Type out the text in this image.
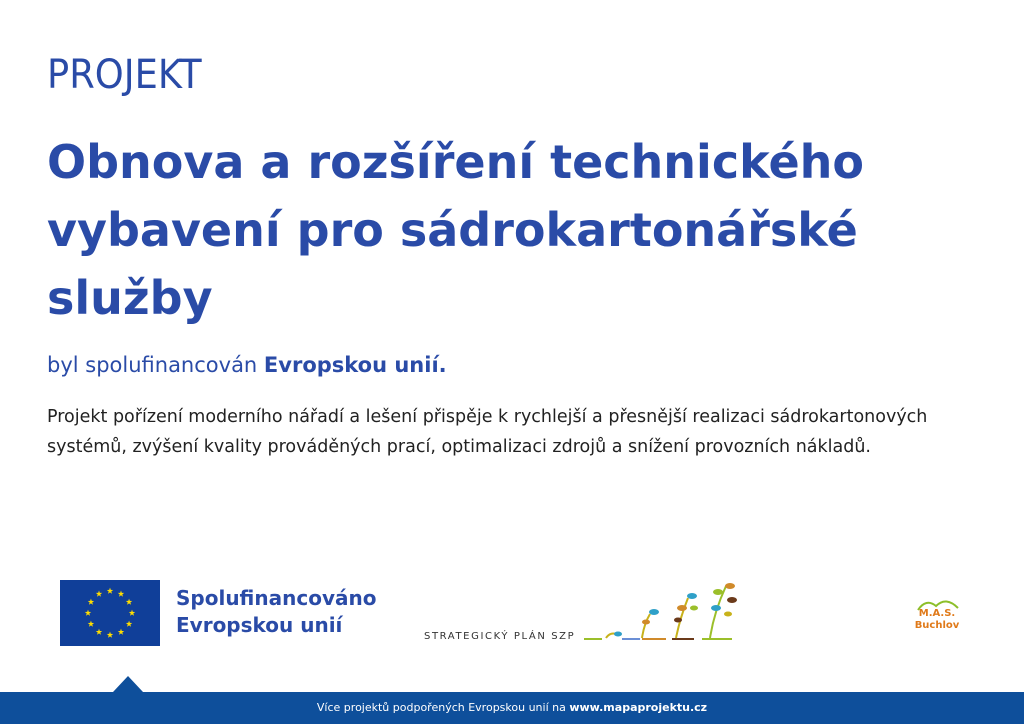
PROJEKT
Obnova a rozšíření technického vybavení pro sádrokartonářské služby
byl spolufinancován Evropskou unií.
Projekt pořízení moderního nářadí a lešení přispěje k rychlejší a přesnější realizaci sádrokartonových systémů, zvýšení kvality prováděných prací, optimalizaci zdrojů a snížení provozních nákladů.
Spolufinancováno
Evropskou unií	STRATEGICKÝ PLÁN SZP
M.A.S.
Buchlov
Více projektů podpořených Evropskou unií na www.mapaprojektu.cz
